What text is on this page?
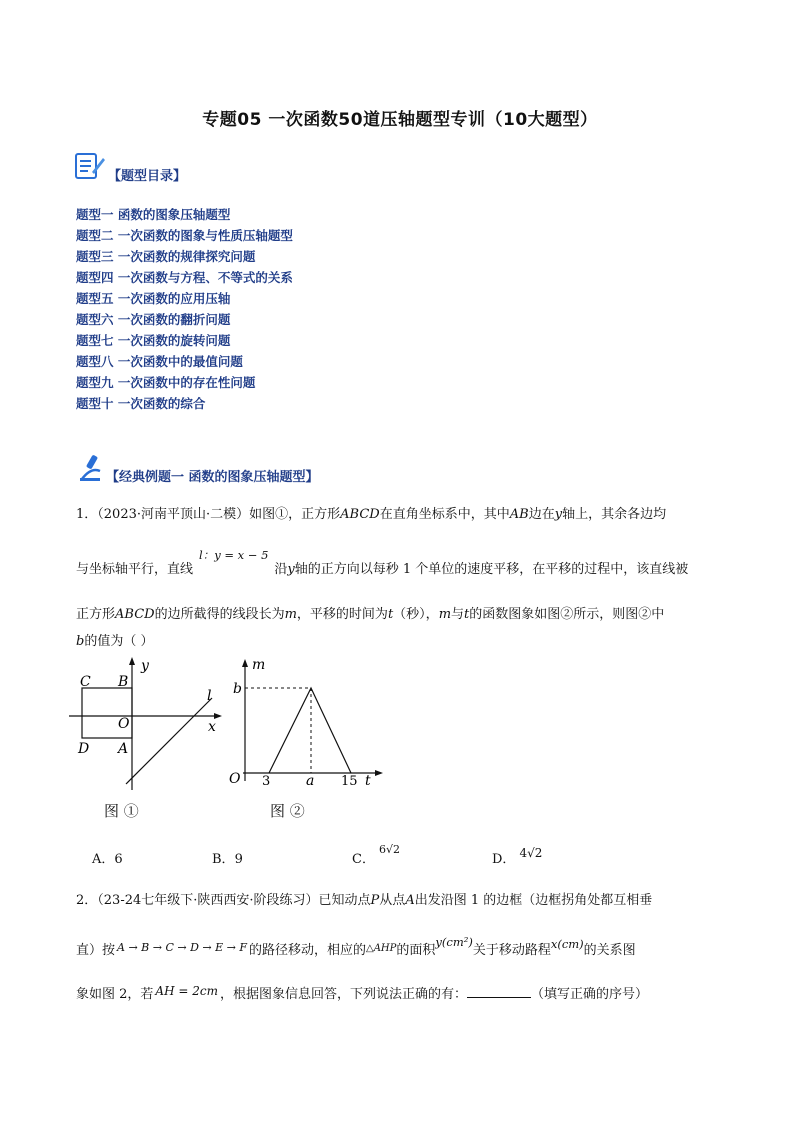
专题05 一次函数50道压轴题型专训（10大题型）
【题型目录】
题型一 函数的图象压轴题型
题型二 一次函数的图象与性质压轴题型
题型三 一次函数的规律探究问题
题型四 一次函数与方程、不等式的关系
题型五 一次函数的应用压轴
题型六 一次函数的翻折问题
题型七 一次函数的旋转问题
题型八 一次函数中的最值问题
题型九 一次函数中的存在性问题
题型十 一次函数的综合
【经典例题一 函数的图象压轴题型】
1．（2023·河南平顶山·二模）如图①，正方形ABCD在直角坐标系中，其中AB边在y轴上，其余各边均
与坐标轴平行，直线l：y = x − 5沿y轴的正方向以每秒 1 个单位的速度平移，在平移的过程中，该直线被
正方形ABCD的边所截得的线段长为m，平移的时间为t（秒），m与t的函数图象如图②所示，则图②中
b的值为（ ）
C B
y
l
O	x
D A
图 ①
m
b
O 3	a 15 t
图 ②
A．6	B．9	C．$^{6√2}$
D． 4√2
2．（23-24七年级下·陕西西安·阶段练习）已知动点P从点A出发沿图 1 的边框（边框拐角处都互相垂
直）按 $^{A \to B \to C \to D \to E \to F}$ 的路径移动，相应的$^{\triangle AHP}$的面积y(cm²)关于移动路程x(cm)的关系图
象如图 2，若 AH = 2cm ，根据图象信息回答，下列说法正确的有：	（填写正确的序号）
